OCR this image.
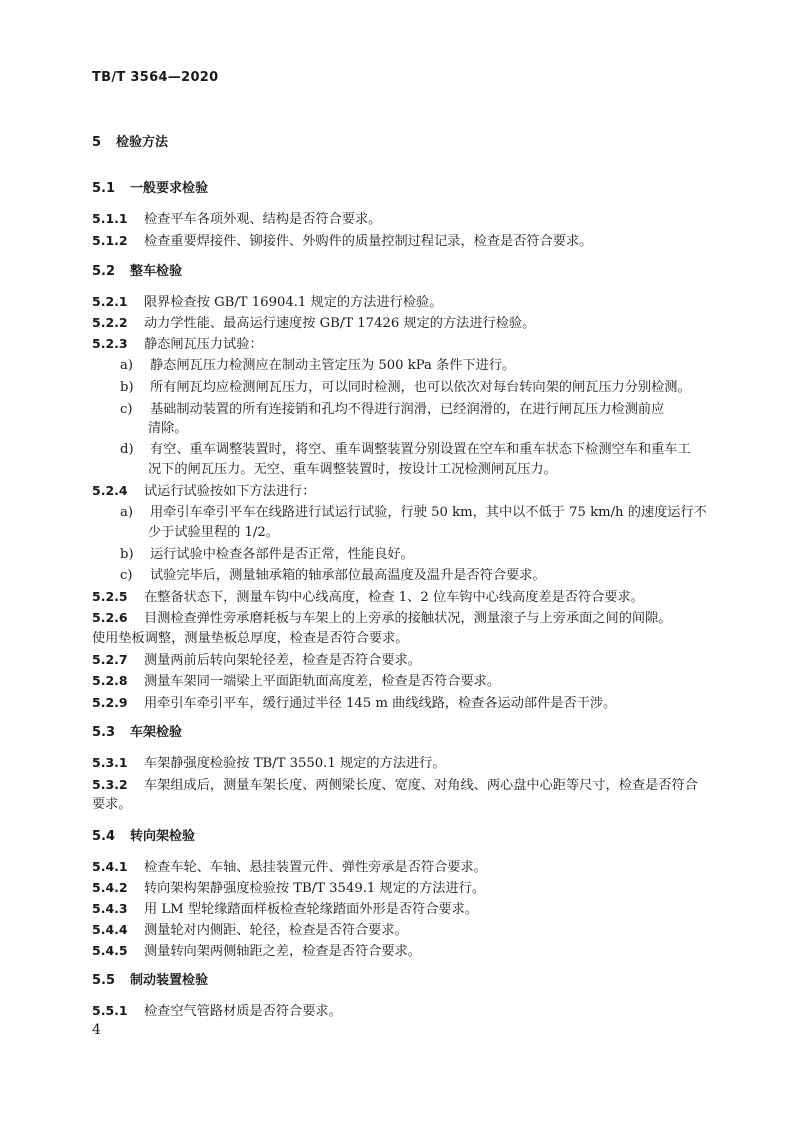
TB/T 3564—2020
5 检验方法
5.1 一般要求检验
5.1.1 检查平车各项外观、结构是否符合要求。
5.1.2 检查重要焊接件、铆接件、外购件的质量控制过程记录，检查是否符合要求。
5.2 整车检验
5.2.1 限界检查按 GB/T 16904.1 规定的方法进行检验。
5.2.2 动力学性能、最高运行速度按 GB/T 17426 规定的方法进行检验。
5.2.3 静态闸瓦压力试验：
a) 静态闸瓦压力检测应在制动主管定压为 500 kPa 条件下进行。
b) 所有闸瓦均应检测闸瓦压力，可以同时检测，也可以依次对每台转向架的闸瓦压力分别检测。
c) 基础制动装置的所有连接销和孔均不得进行润滑，已经润滑的，在进行闸瓦压力检测前应
清除。
d) 有空、重车调整装置时，将空、重车调整装置分别设置在空车和重车状态下检测空车和重车工
况下的闸瓦压力。无空、重车调整装置时，按设计工况检测闸瓦压力。
5.2.4 试运行试验按如下方法进行：
a) 用牵引车牵引平车在线路进行试运行试验，行驶 50 km，其中以不低于 75 km/h 的速度运行不
少于试验里程的 1/2。
b) 运行试验中检查各部件是否正常，性能良好。
c) 试验完毕后，测量轴承箱的轴承部位最高温度及温升是否符合要求。
5.2.5 在整备状态下，测量车钩中心线高度，检查 1、2 位车钩中心线高度差是否符合要求。
5.2.6 目测检查弹性旁承磨耗板与车架上的上旁承的接触状况，测量滚子与上旁承面之间的间隙。
使用垫板调整，测量垫板总厚度，检查是否符合要求。
5.2.7 测量两前后转向架轮径差，检查是否符合要求。
5.2.8 测量车架同一端梁上平面距轨面高度差，检查是否符合要求。
5.2.9 用牵引车牵引平车，缓行通过半径 145 m 曲线线路，检查各运动部件是否干涉。
5.3 车架检验
5.3.1 车架静强度检验按 TB/T 3550.1 规定的方法进行。
5.3.2 车架组成后，测量车架长度、两侧梁长度、宽度、对角线、两心盘中心距等尺寸，检查是否符合
要求。
5.4 转向架检验
5.4.1 检查车轮、车轴、悬挂装置元件、弹性旁承是否符合要求。
5.4.2 转向架构架静强度检验按 TB/T 3549.1 规定的方法进行。
5.4.3 用 LM 型轮缘踏面样板检查轮缘踏面外形是否符合要求。
5.4.4 测量轮对内侧距、轮径，检查是否符合要求。
5.4.5 测量转向架两侧轴距之差，检查是否符合要求。
5.5 制动装置检验
5.5.1 检查空气管路材质是否符合要求。
4
